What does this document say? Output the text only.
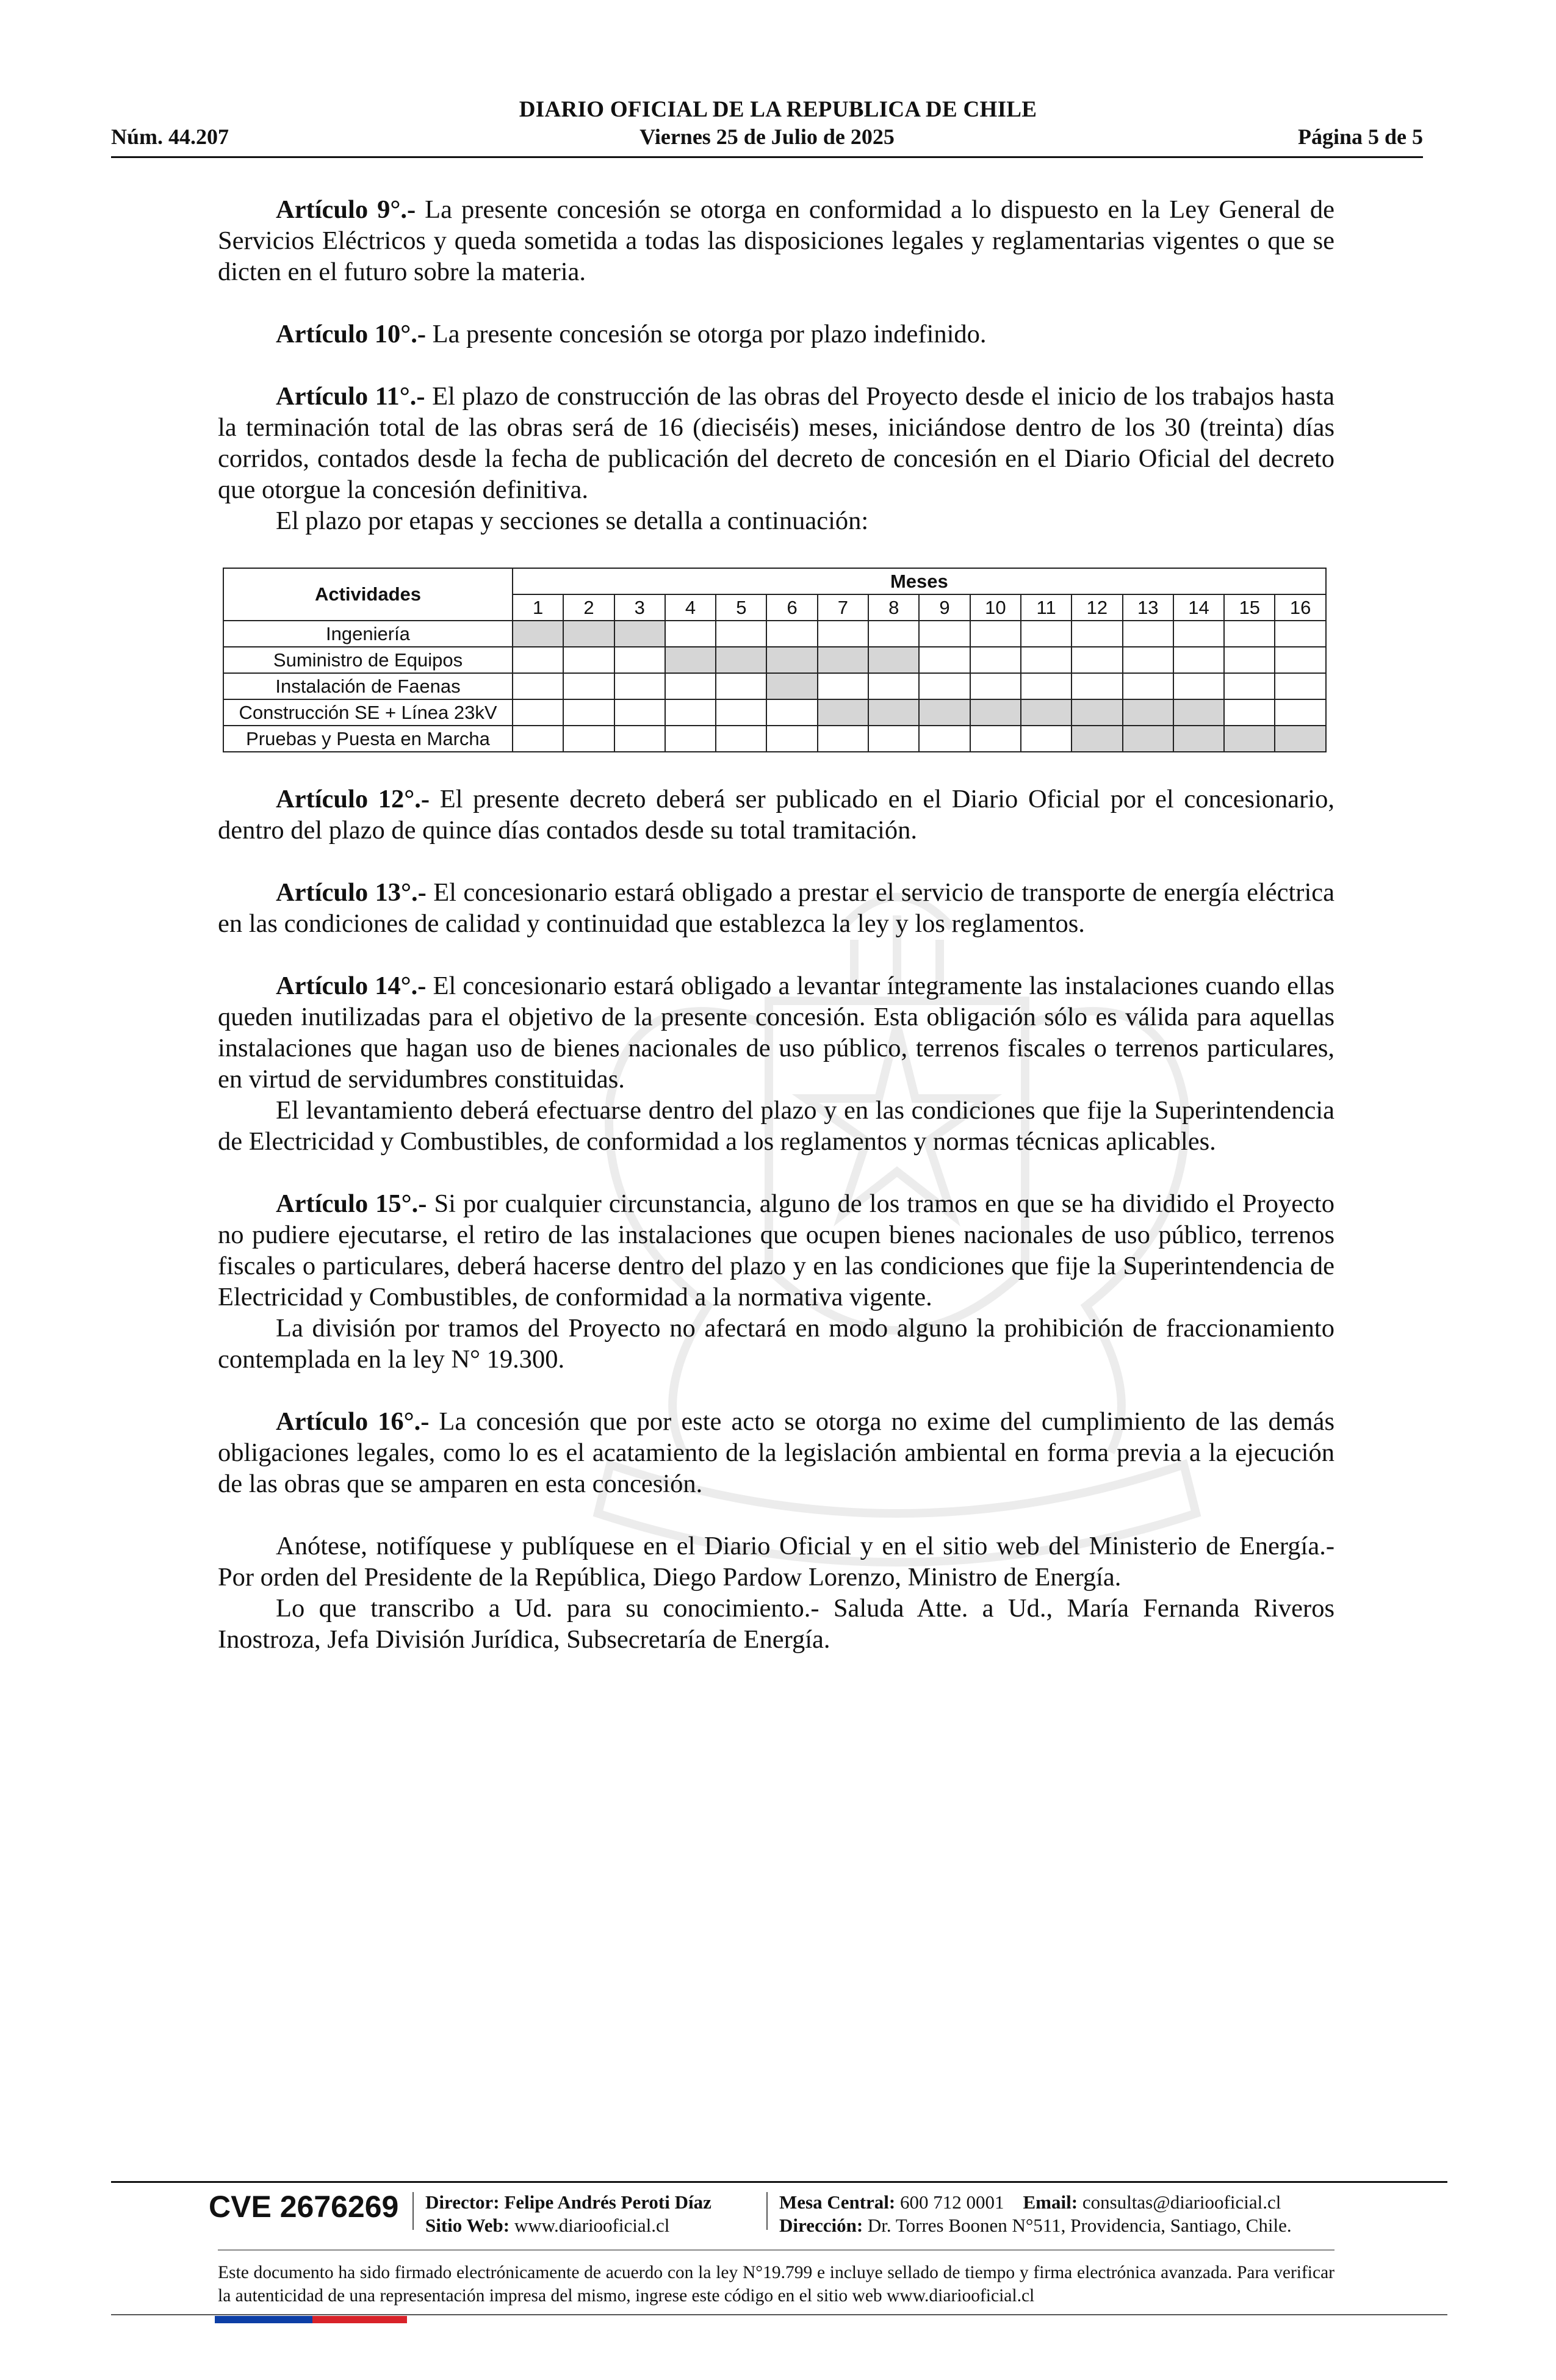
DIARIO OFICIAL DE LA REPUBLICA DE CHILE
Núm. 44.207	Viernes 25 de Julio de 2025	Página 5 de 5

Artículo 9°.- La presente concesión se otorga en conformidad a lo dispuesto en la Ley General de Servicios Eléctricos y queda sometida a todas las disposiciones legales y reglamentarias vigentes o que se dicten en el futuro sobre la materia.

Artículo 10°.- La presente concesión se otorga por plazo indefinido.

Artículo 11°.- El plazo de construcción de las obras del Proyecto desde el inicio de los trabajos hasta la terminación total de las obras será de 16 (dieciséis) meses, iniciándose dentro de los 30 (treinta) días corridos, contados desde la fecha de publicación del decreto de concesión en el Diario Oficial del decreto que otorgue la concesión definitiva.

El plazo por etapas y secciones se detalla a continuación:

Actividades	Meses															
	1	2	3	4	5	6	7	8	9	10	11	12	13	14	15	16
Ingeniería																
Suministro de Equipos																
Instalación de Faenas																
Construcción SE + Línea 23kV																
Pruebas y Puesta en Marcha																

Artículo 12°.- El presente decreto deberá ser publicado en el Diario Oficial por el concesionario, dentro del plazo de quince días contados desde su total tramitación.

Artículo 13°.- El concesionario estará obligado a prestar el servicio de transporte de energía eléctrica en las condiciones de calidad y continuidad que establezca la ley y los reglamentos.

Artículo 14°.- El concesionario estará obligado a levantar íntegramente las instalaciones cuando ellas queden inutilizadas para el objetivo de la presente concesión. Esta obligación sólo es válida para aquellas instalaciones que hagan uso de bienes nacionales de uso público, terrenos fiscales o terrenos particulares, en virtud de servidumbres constituidas.

El levantamiento deberá efectuarse dentro del plazo y en las condiciones que fije la Superintendencia de Electricidad y Combustibles, de conformidad a los reglamentos y normas técnicas aplicables.

Artículo 15°.- Si por cualquier circunstancia, alguno de los tramos en que se ha dividido el Proyecto no pudiere ejecutarse, el retiro de las instalaciones que ocupen bienes nacionales de uso público, terrenos fiscales o particulares, deberá hacerse dentro del plazo y en las condiciones que fije la Superintendencia de Electricidad y Combustibles, de conformidad a la normativa vigente.

La división por tramos del Proyecto no afectará en modo alguno la prohibición de fraccionamiento contemplada en la ley N° 19.300.

Artículo 16°.- La concesión que por este acto se otorga no exime del cumplimiento de las demás obligaciones legales, como lo es el acatamiento de la legislación ambiental en forma previa a la ejecución de las obras que se amparen en esta concesión.

Anótese, notifíquese y publíquese en el Diario Oficial y en el sitio web del Ministerio de Energía.- Por orden del Presidente de la República, Diego Pardow Lorenzo, Ministro de Energía.

Lo que transcribo a Ud. para su conocimiento.- Saluda Atte. a Ud., María Fernanda Riveros Inostroza, Jefa División Jurídica, Subsecretaría de Energía.

CVE 2676269 Director: Felipe Andrés Peroti Díaz
Sitio Web: www.diariooficial.cl
Mesa Central: 600 712 0001 Email: consultas@diariooficial.cl
Dirección: Dr. Torres Boonen N°511, Providencia, Santiago, Chile.
Este documento ha sido firmado electrónicamente de acuerdo con la ley N°19.799 e incluye sellado de tiempo y firma electrónica avanzada. Para verificar la autenticidad de una representación impresa del mismo, ingrese este código en el sitio web www.diariooficial.cl
